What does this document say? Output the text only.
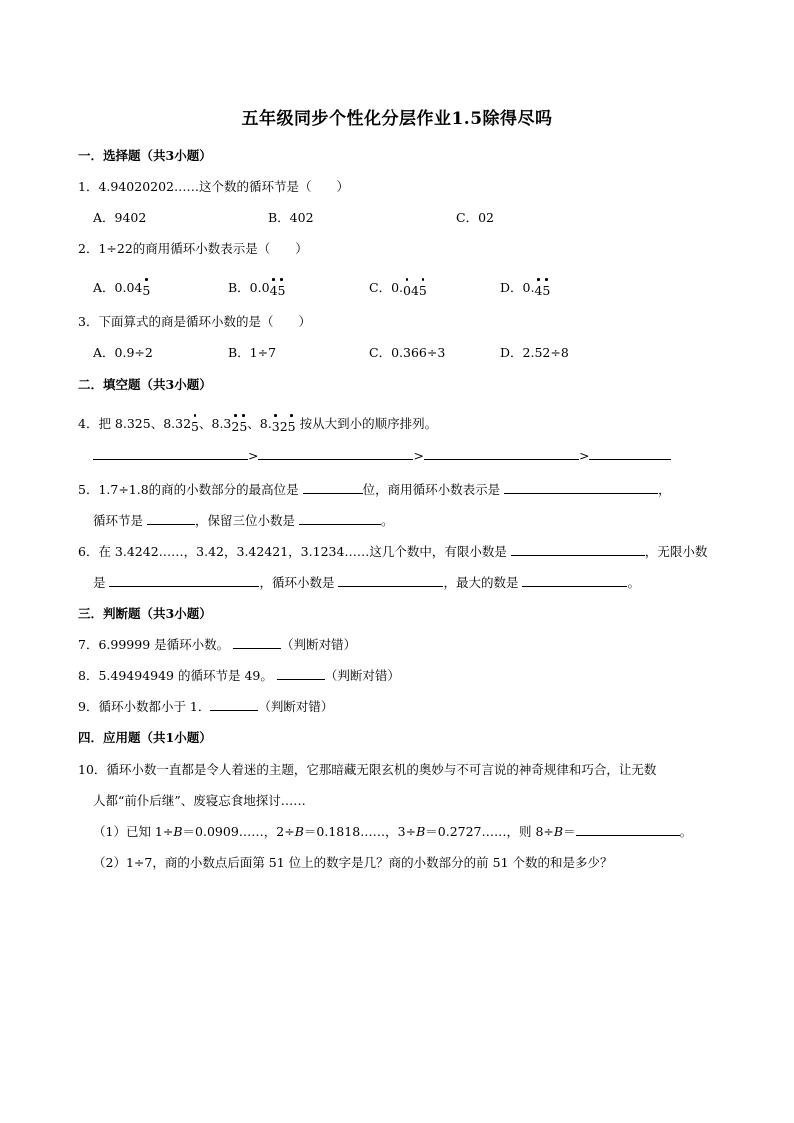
五年级同步个性化分层作业1.5除得尽吗
一．选择题（共3小题）
1．4.94020202……这个数的循环节是（　　）
A．9402	B．402	C．02
2．1÷22的商用循环小数表示是（　　）
A．0.045	B．0.045	C．0.045	D．0.45
3．下面算式的商是循环小数的是（　　）
A．0.9÷2	B．1÷7	C．0.366÷3	D．2.52÷8
二．填空题（共3小题）
4．把 8.325、8.325、8.325、8.325 按从大到小的顺序排列。
>	>	>
5．1.7÷1.8的商的小数部分的最高位是	位，商用循环小数表示是	，
循环节是	，保留三位小数是	。
6．在 3.4242……，3.42，3.42421，3.1234……这几个数中，有限小数是	，无限小数
是	，循环小数是	，最大的数是	。
三．判断题（共3小题）
7．6.99999 是循环小数。	（判断对错）
8．5.49494949 的循环节是 49。	（判断对错）
9．循环小数都小于 1．	（判断对错）
四．应用题（共1小题）
10．循环小数一直都是令人着迷的主题，它那暗藏无限玄机的奥妙与不可言说的神奇规律和巧合，让无数
人都“前仆后继”、废寝忘食地探讨……
（1）已知 1÷B＝0.0909……，2÷B＝0.1818……，3÷B＝0.2727……，则 8÷B＝	。
（2）1÷7，商的小数点后面第 51 位上的数字是几？商的小数部分的前 51 个数的和是多少？
